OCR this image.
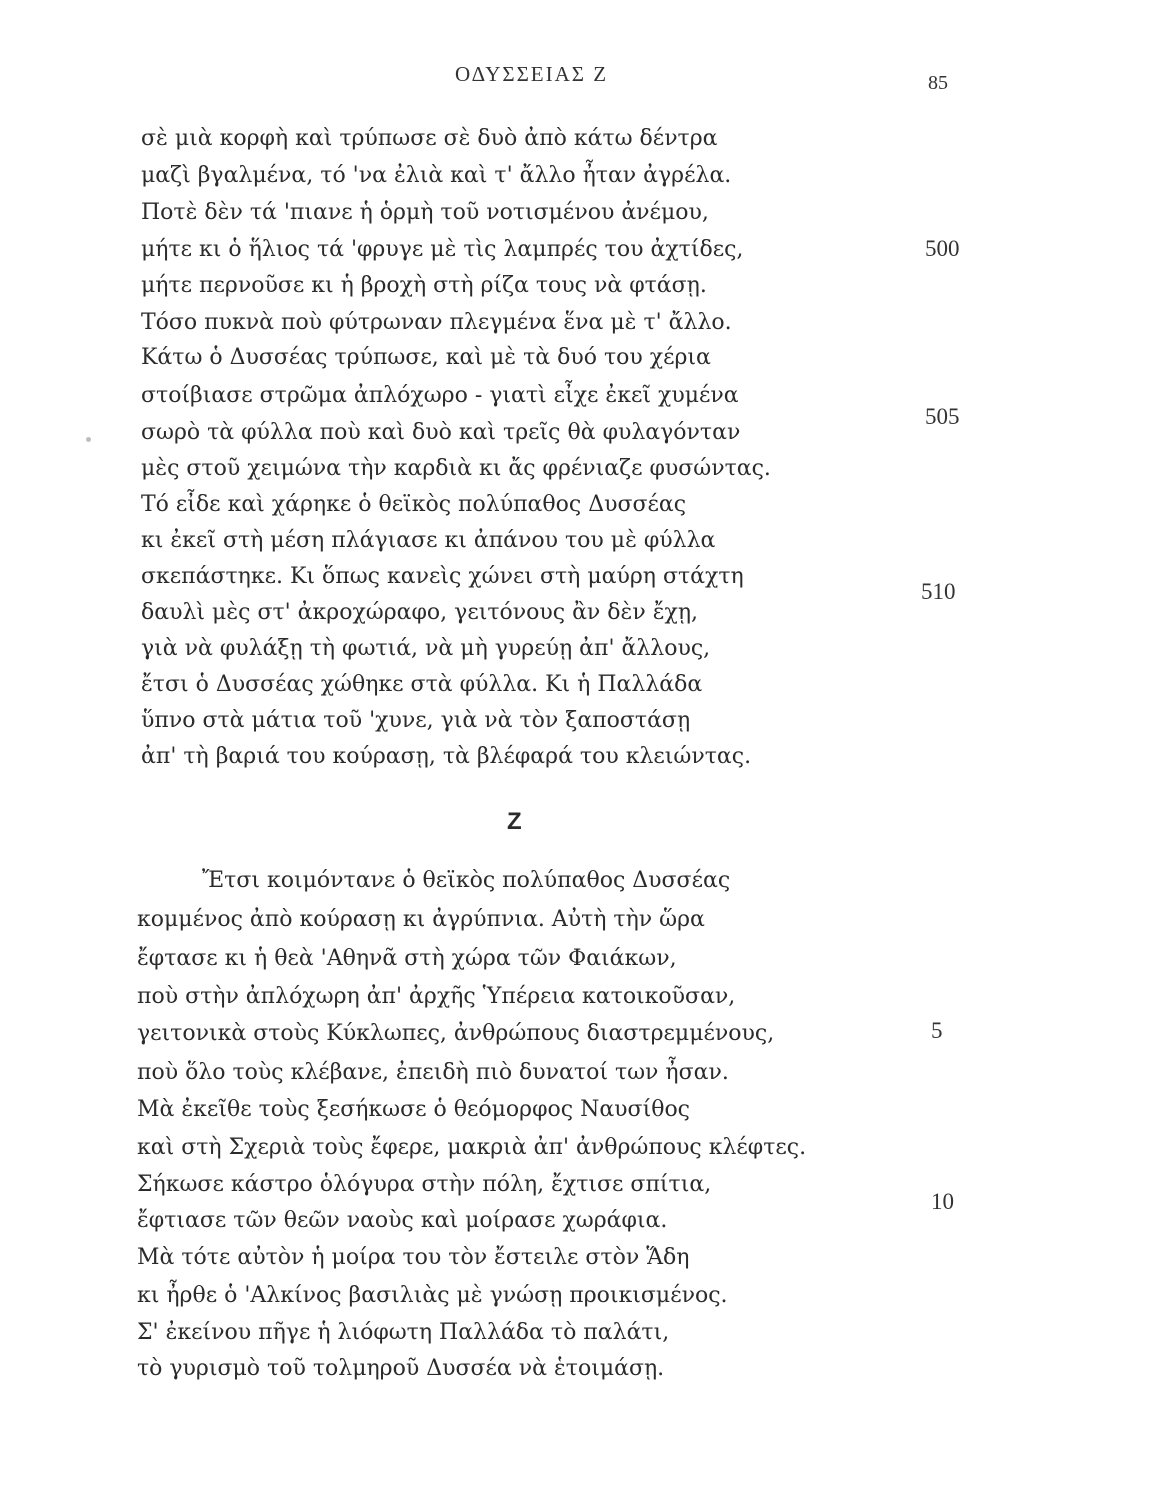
ΟΔΥΣΣΕΙΑΣ Ζ	85
σὲ μιὰ κορφὴ καὶ τρύπωσε σὲ δυὸ ἀπὸ κάτω δέντρα
μαζὶ βγαλμένα, τό 'να ἐλιὰ καὶ τ' ἄλλο ἦταν ἀγρέλα.
Ποτὲ δὲν τά 'πιανε ἡ ὁρμὴ τοῦ νοτισμένου ἀνέμου,
μήτε κι ὁ ἥλιος τά 'φρυγε μὲ τὶς λαμπρές του ἀχτίδες,
μήτε περνοῦσε κι ἡ βροχὴ στὴ ρίζα τους νὰ φτάσῃ.
Τόσο πυκνὰ ποὺ φύτρωναν πλεγμένα ἕνα μὲ τ' ἄλλο.
Κάτω ὁ Δυσσέας τρύπωσε, καὶ μὲ τὰ δυό του χέρια
στοίβιασε στρῶμα ἀπλόχωρο - γιατὶ εἶχε ἐκεῖ χυμένα
σωρὸ τὰ φύλλα ποὺ καὶ δυὸ καὶ τρεῖς θὰ φυλαγόνταν
μὲς στοῦ χειμώνα τὴν καρδιὰ κι ἄς φρένιαζε φυσώντας.
Τό εἶδε καὶ χάρηκε ὁ θεϊκὸς πολύπαθος Δυσσέας
κι ἐκεῖ στὴ μέση πλάγιασε κι ἀπάνου του μὲ φύλλα
σκεπάστηκε. Κι ὅπως κανεὶς χώνει στὴ μαύρη στάχτη
δαυλὶ μὲς στ' ἀκροχώραφο, γειτόνους ἂν δὲν ἔχῃ,
γιὰ νὰ φυλάξῃ τὴ φωτιά, νὰ μὴ γυρεύῃ ἀπ' ἄλλους,
ἔτσι ὁ Δυσσέας χώθηκε στὰ φύλλα. Κι ἡ Παλλάδα
ὕπνο στὰ μάτια τοῦ 'χυνε, γιὰ νὰ τὸν ξαποστάσῃ
ἀπ' τὴ βαριά του κούρασῃ, τὰ βλέφαρά του κλειώντας.
500
505
510
Z
Ἔτσι κοιμόντανε ὁ θεϊκὸς πολύπαθος Δυσσέας
κομμένος ἀπὸ κούρασῃ κι ἀγρύπνια. Αὐτὴ τὴν ὥρα
ἔφτασε κι ἡ θεὰ 'Αθηνᾶ στὴ χώρα τῶν Φαιάκων,
ποὺ στὴν ἀπλόχωρη ἀπ' ἀρχῆς Ὑπέρεια κατοικοῦσαν,
γειτονικὰ στοὺς Κύκλωπες, ἀνθρώπους διαστρεμμένους,
ποὺ ὅλο τοὺς κλέβανε, ἐπειδὴ πιὸ δυνατοί των ἦσαν.
Μὰ ἐκεῖθε τοὺς ξεσήκωσε ὁ θεόμορφος Ναυσίθος
καὶ στὴ Σχεριὰ τοὺς ἔφερε, μακριὰ ἀπ' ἀνθρώπους κλέφτες.
Σήκωσε κάστρο ὁλόγυρα στὴν πόλη, ἔχτισε σπίτια,
ἔφτιασε τῶν θεῶν ναοὺς καὶ μοίρασε χωράφια.
Μὰ τότε αὐτὸν ἡ μοίρα του τὸν ἔστειλε στὸν Ἅδη
κι ἦρθε ὁ 'Αλκίνος βασιλιὰς μὲ γνώσῃ προικισμένος.
Σ' ἐκείνου πῆγε ἡ λιόφωτη Παλλάδα τὸ παλάτι,
τὸ γυρισμὸ τοῦ τολμηροῦ Δυσσέα νὰ ἑτοιμάσῃ.
5
10
